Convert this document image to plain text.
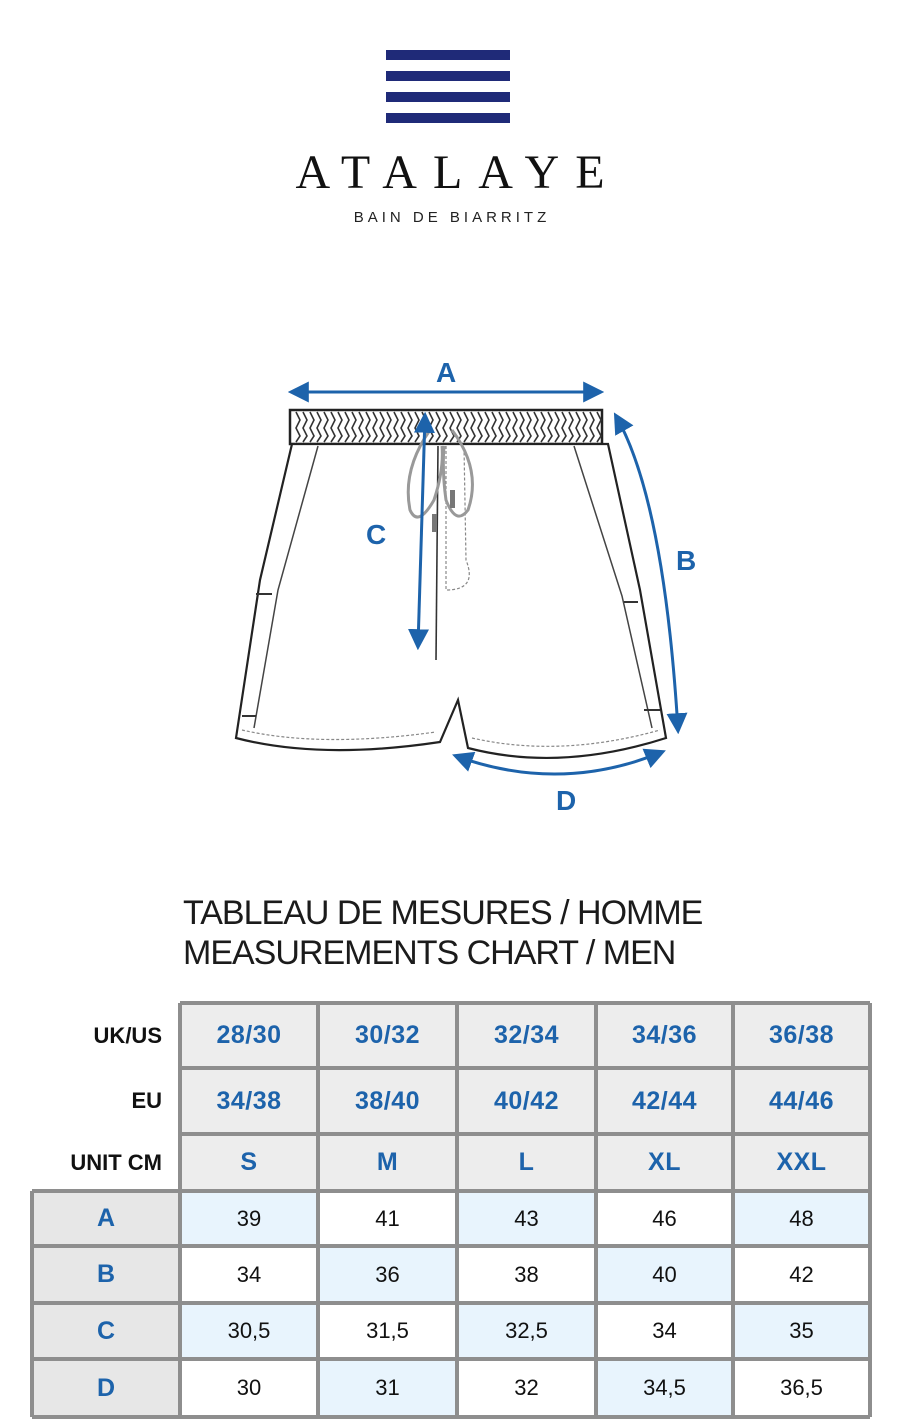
ATALAYE
BAIN DE BIARRITZ
A
B
C
D
TABLEAU DE MESURES / HOMME
MEASUREMENTS CHART / MEN
UK/US	28/30	30/32	32/34	34/36	36/38
EU	34/38	38/40	40/42	42/44	44/46
UNIT CM	S	M	L	XL	XXL
A	39	41	43	46	48
B	34	36	38	40	42
C	30,5	31,5	32,5	34	35
D	30	31	32	34,5	36,5
